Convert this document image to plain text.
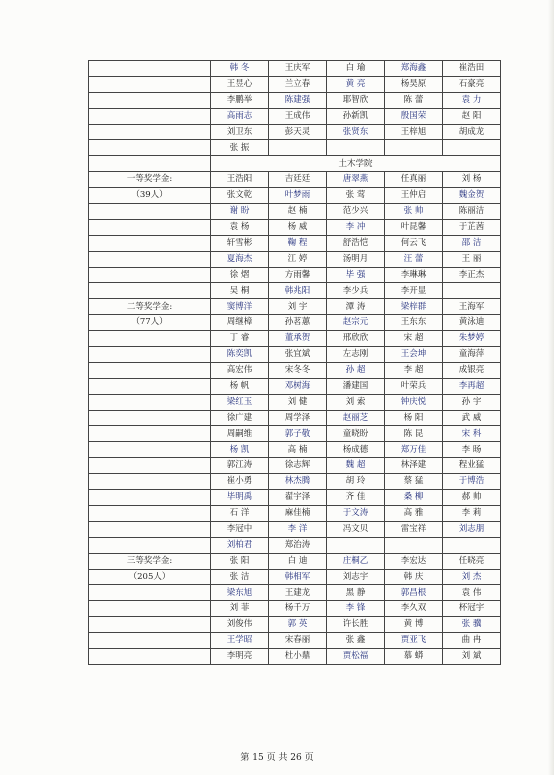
	韩 冬	王庆军	白 瑜	郑海鑫	崔浩田
	王昱心	兰立春	黄 亮	杨昊原	石豪亮
	李鹏举	陈建强	耶智欣	陈 蕾	袁 力
	高雨志	王成伟	孙新凯	殷国荣	赵 阳
	刘卫东	彭天灵	张贤东	王梓旭	胡成龙
	张 振				
	土木学院				
一等奖学金:	王浩阳	吉廷廷	唐翠燕	任真丽	刘 杨
（39人）	张文乾	叶梦雨	张 莺	王仲启	魏金贺
	谢 盼	赵 楠	范少兴	张 帅	陈丽洁
	袁 杨	杨 威	李 冲	叶昆馨	于芷茜
	轩雪彬	鞠 程	舒浩恺	何云飞	邵 洁
	夏海杰	江 婷	汤明月	汪 蕾	王 丽
	徐 熠	方雨馨	毕 强	李琳琳	李正杰
	吴 桐	韩兆阳	李少兵	李开显	
二等奖学金:	窦博洋	刘 宇	潭 涛	梁梓群	王海军
（77人）	周继樟	孙茗蕙	赵宗元	王东东	黄泳迪
	丁 睿	董承贺	邢欣欣	宋 超	朱梦婷
	陈奕凯	张宜斌	左志刚	王会坤	童海萍
	高宏伟	宋冬冬	孙 超	李 超	成银亮
	杨 帆	邓树海	潘建国	叶荣兵	李再超
	梁红玉	刘 健	刘 索	钟庆悦	孙 宇
	徐广建	周学泽	赵丽芝	杨 阳	武 威
	周嗣维	郭子敬	童晓盼	陈 昆	宋 科
	杨 凯	高 楠	杨成德	郑万佳	李 旸
	郭江涛	徐志辉	魏 超	林泽建	程业猛
	崔小勇	林杰腾	胡 玲	蔡 猛	于博浩
	毕明禹	翟宇泽	齐 佳	桑 柳	郝 帅
	石 洋	麻佳楠	于文涛	高 雅	李 莉
	李冠中	李 洋	冯文贝	雷宝祥	刘志朋
	刘柏君	郑治涛			
三等奖学金:	张 阳	白 迪	庄桐乙	李宏达	任晓亮
（205人）	张 洁	韩相军	刘志宇	韩 庆	刘 杰
	梁东旭	王建龙	黑 静	郭昌根	袁 伟
	刘 菲	杨千万	李 锋	李久双	杯冠宇
	刘俊伟	郭 英	许长胜	黄 博	张 骥
	王学昭	宋春丽	张 鑫	贾亚飞	曲 冉
	李明亮	杜小鼎	贾松福	慕 蟒	刘 斌
第 15 页 共 26 页
